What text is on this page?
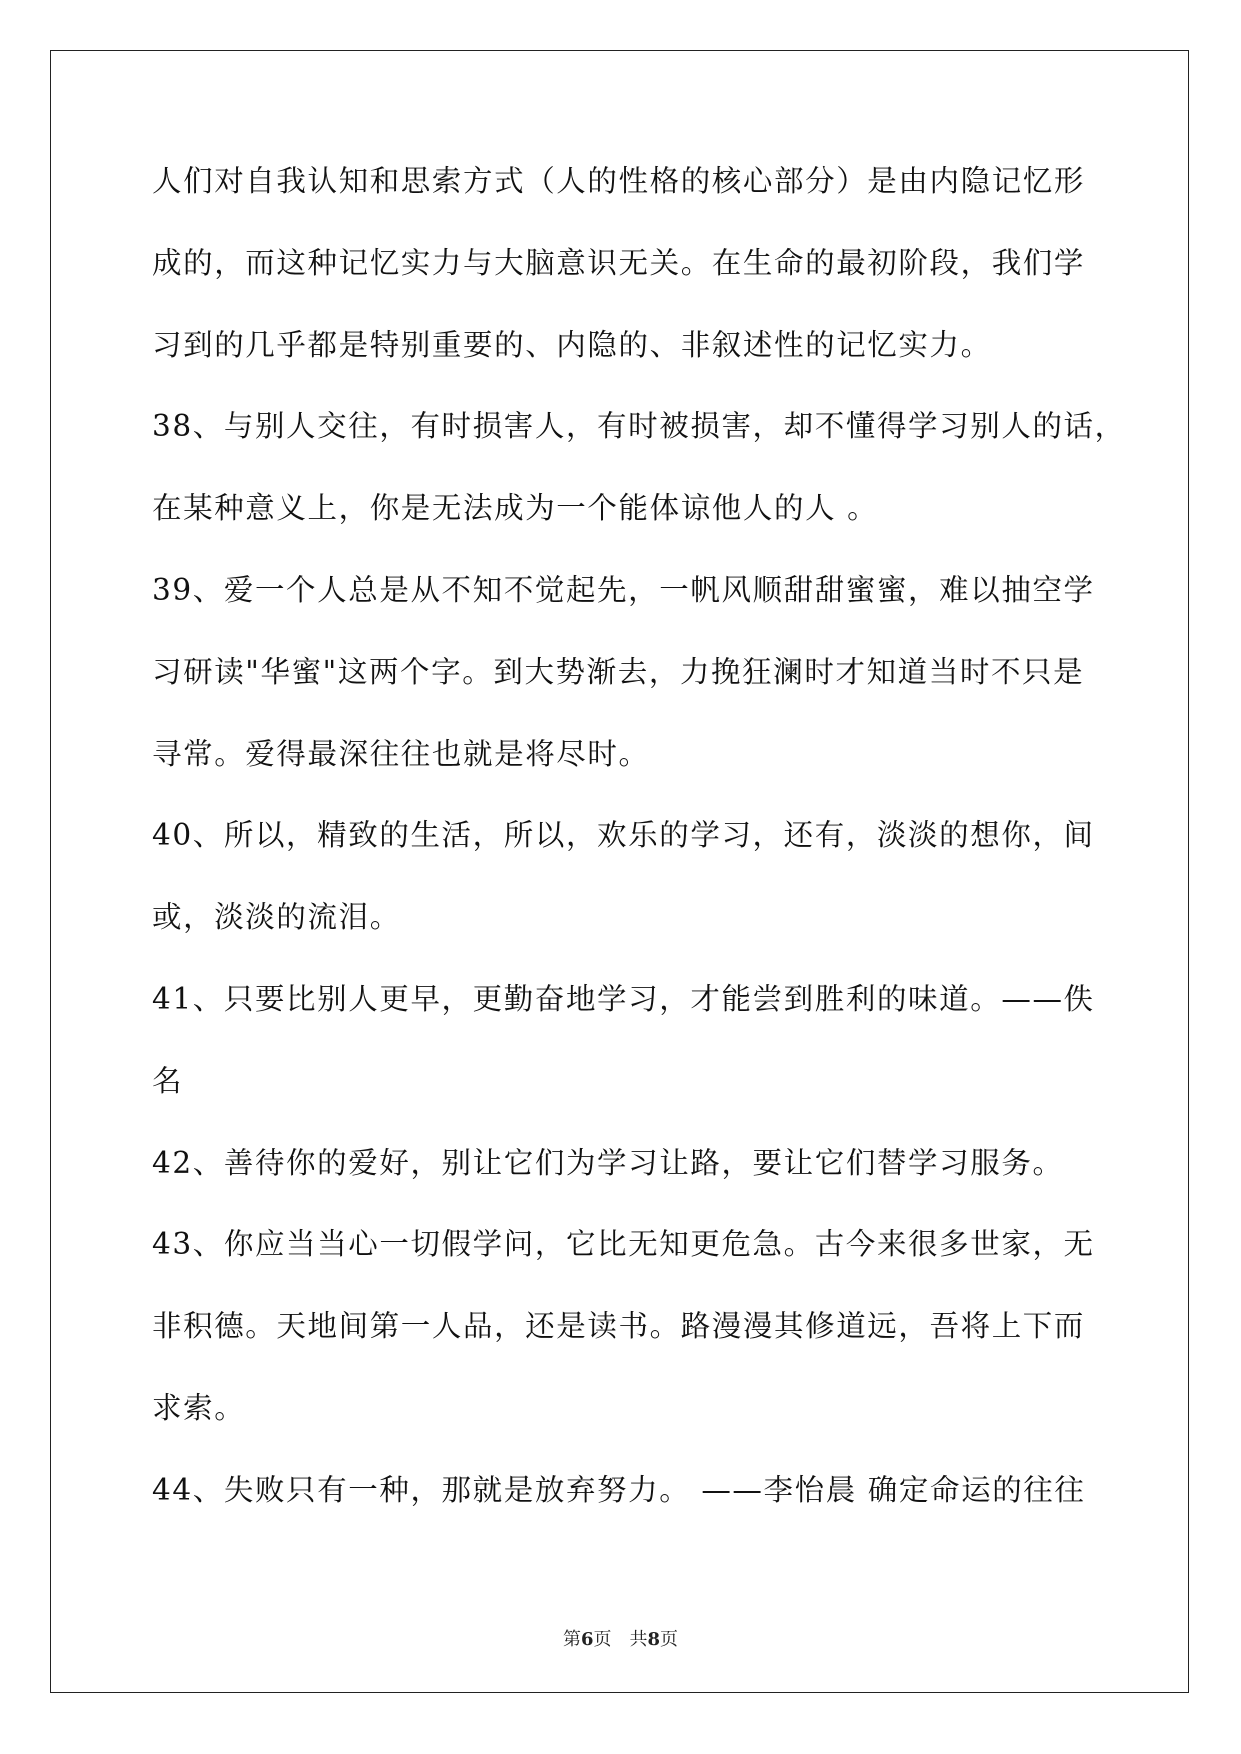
人们对自我认知和思索方式（人的性格的核心部分）是由内隐记忆形
成的，而这种记忆实力与大脑意识无关。在生命的最初阶段，我们学
习到的几乎都是特别重要的、内隐的、非叙述性的记忆实力。
38、与别人交往，有时损害人，有时被损害，却不懂得学习别人的话，
在某种意义上，你是无法成为一个能体谅他人的人 。
39、爱一个人总是从不知不觉起先，一帆风顺甜甜蜜蜜，难以抽空学
习研读"华蜜"这两个字。到大势渐去，力挽狂澜时才知道当时不只是
寻常。爱得最深往往也就是将尽时。
40、所以，精致的生活，所以，欢乐的学习，还有，淡淡的想你，间
或，淡淡的流泪。
41、只要比别人更早，更勤奋地学习，才能尝到胜利的味道。——佚
名
42、善待你的爱好，别让它们为学习让路，要让它们替学习服务。
43、你应当当心一切假学问，它比无知更危急。古今来很多世家，无
非积德。天地间第一人品，还是读书。路漫漫其修道远，吾将上下而
求索。
44、失败只有一种，那就是放弃努力。 ——李怡晨 确定命运的往往
第6页 共8页
